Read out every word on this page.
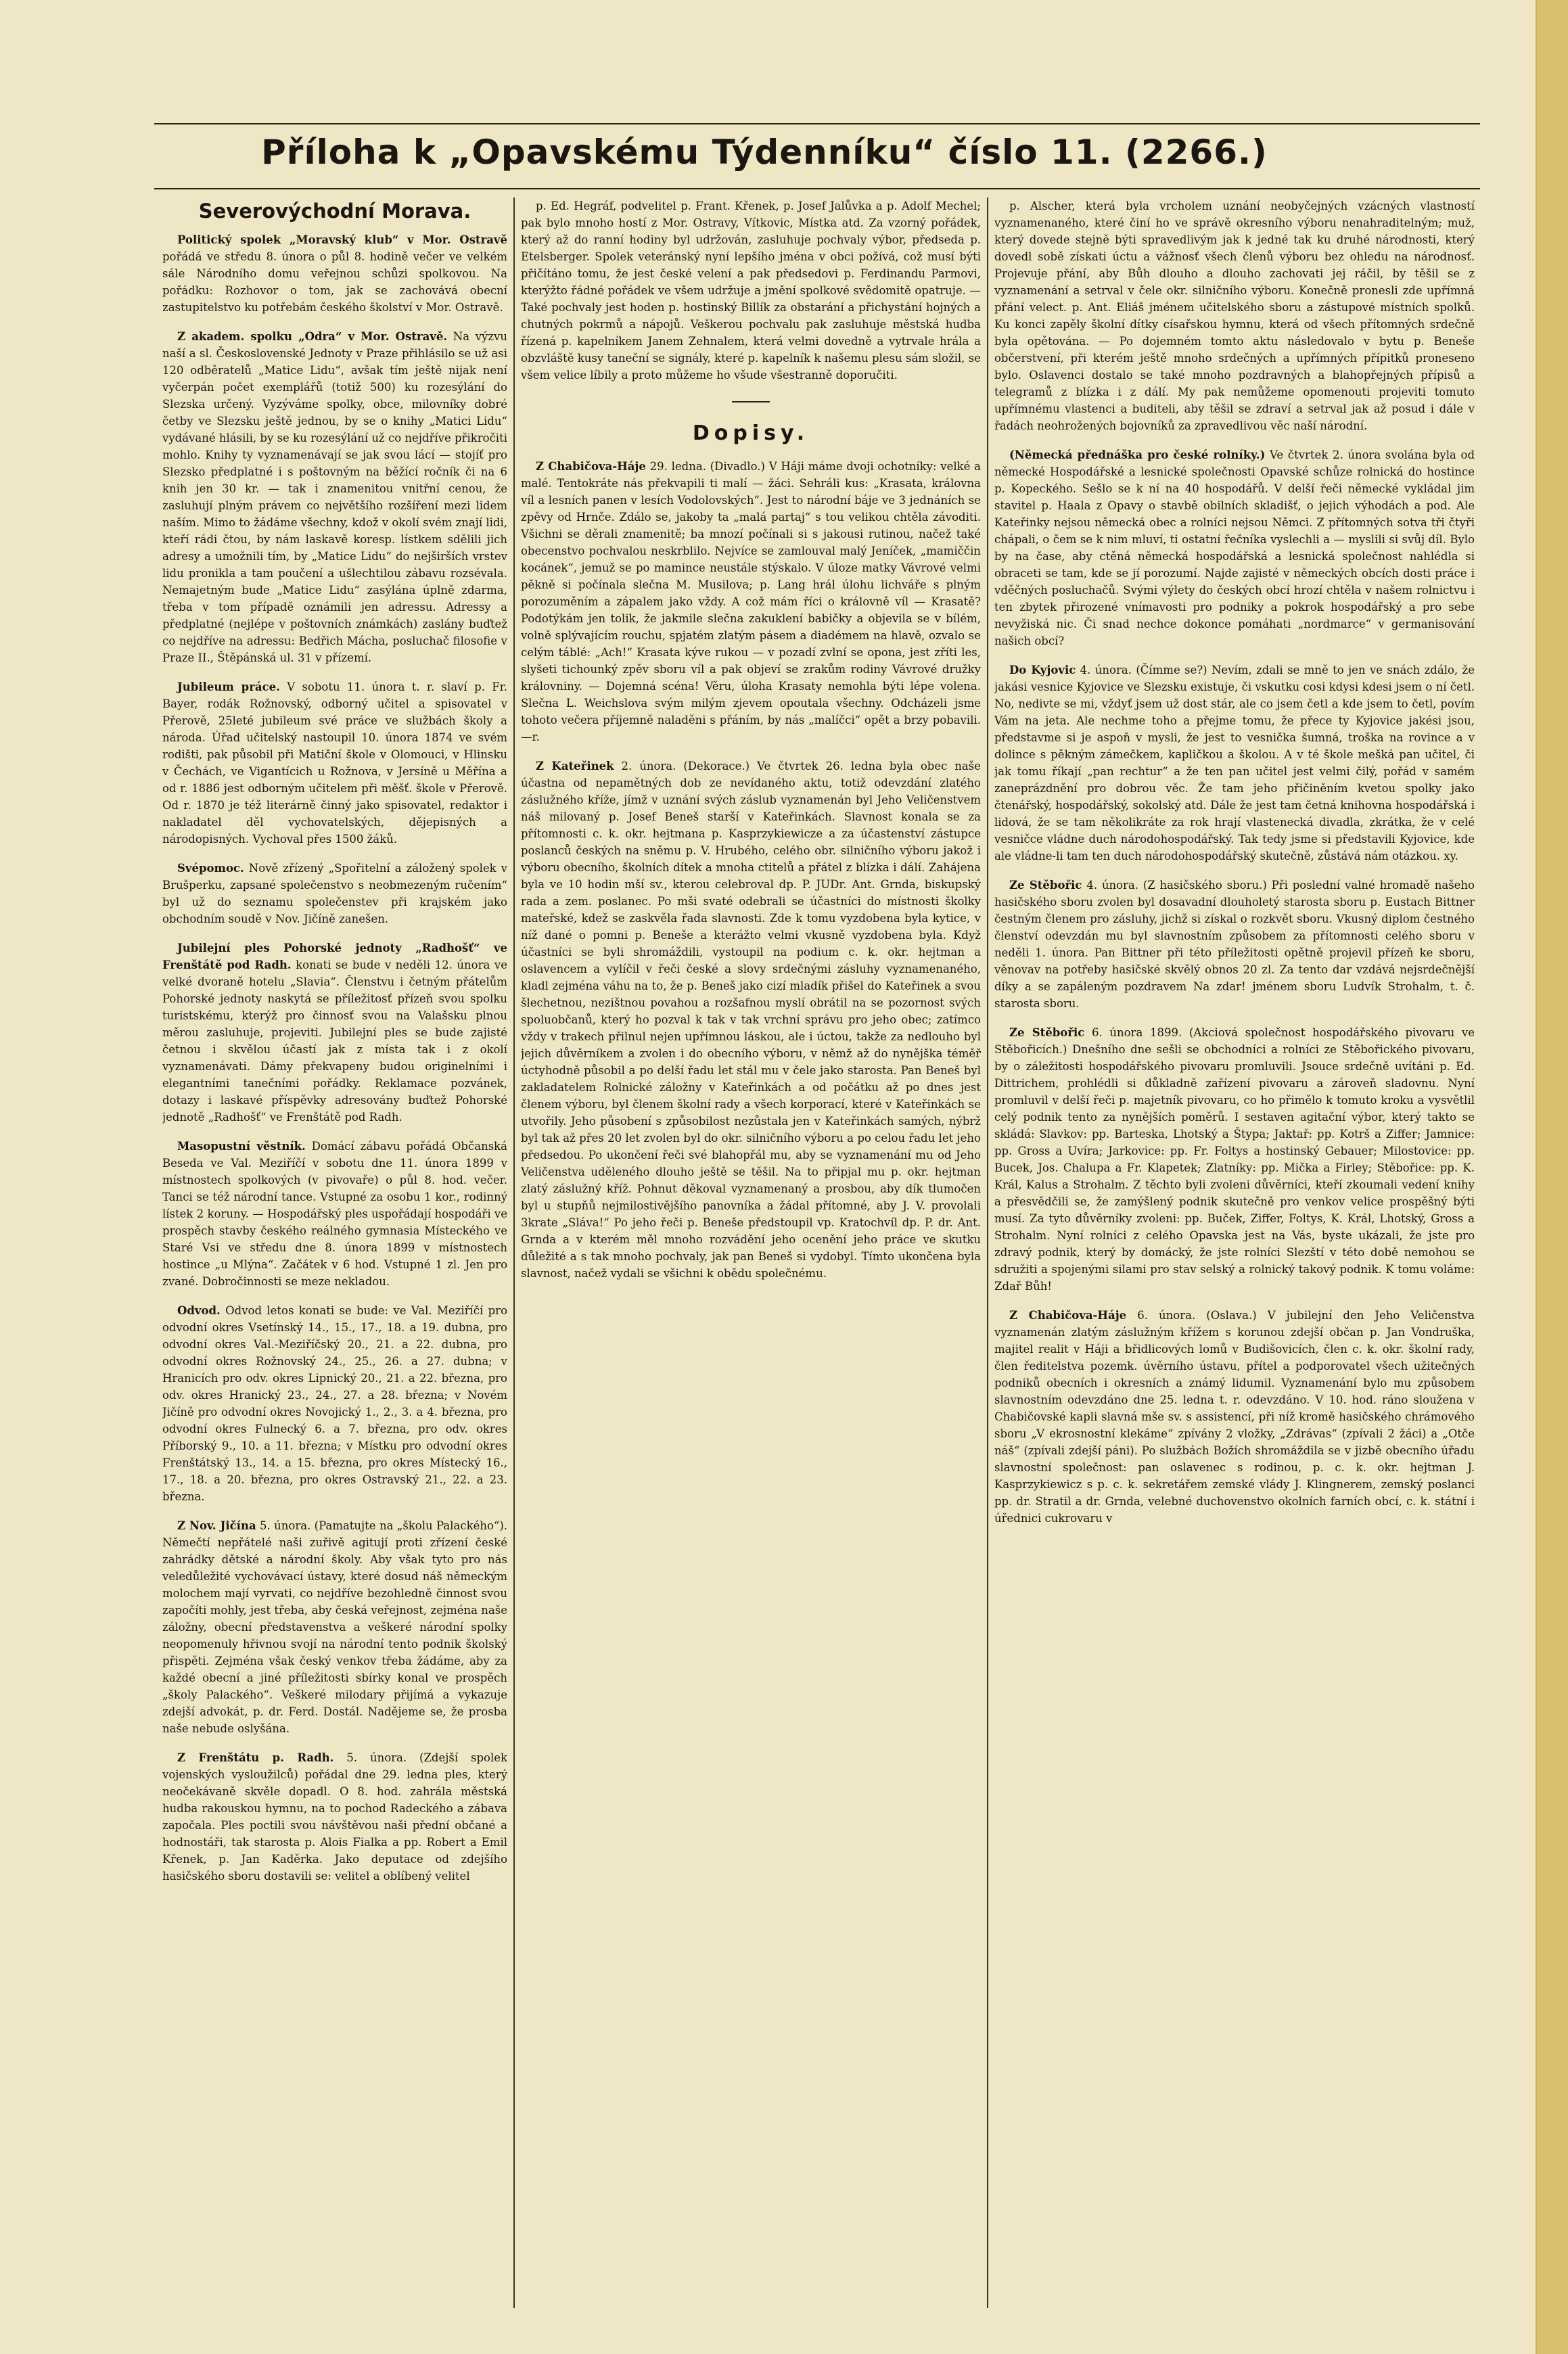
Příloha k „Opavskému Týdenníku“ číslo 11. (2266.)
Severovýchodní Morava.

Politický spolek „Moravský klub“ v Mor. Ostravě pořádá ve středu 8. února o půl 8. hodině večer ve velkém sále Národního domu veřejnou schůzi spolkovou. Na pořádku: Rozhovor o tom, jak se zachovává obecní zastupitelstvo ku potřebám českého školství v Mor. Ostravě.

Z akadem. spolku „Odra“ v Mor. Ostravě. Na výzvu naší a sl. Československé Jednoty v Praze přihlásilo se už asi 120 odběratelů „Matice Lidu“, avšak tím ještě nijak není vyčerpán počet exemplářů (totiž 500) ku rozesýlání do Slezska určený. Vyzýváme spolky, obce, milovníky dobré četby ve Slezsku ještě jednou, by se o knihy „Matici Lidu“ vydávané hlásili, by se ku rozesýlání už co nejdříve přikročiti mohlo. Knihy ty vyznamenávají se jak svou lácí — stojíť pro Slezsko předplatné i s poštovným na běžící ročník či na 6 knih jen 30 kr. — tak i znamenitou vnitřní cenou, že zasluhují plným právem co největšího rozšíření mezi lidem naším. Mimo to žádáme všechny, kdož v okolí svém znají lidi, kteří rádi čtou, by nám laskavě koresp. lístkem sdělili jich adresy a umožnili tím, by „Matice Lidu“ do nejširších vrstev lidu pronikla a tam poučení a ušlechtilou zábavu rozsévala. Nemajetným bude „Matice Lidu“ zasýlána úplně zdarma, třeba v tom případě oznámili jen adressu. Adressy a předplatné (nejlépe v poštovních známkách) zaslány buďtež co nejdříve na adressu: Bedřich Mácha, posluchač filosofie v Praze II., Štěpánská ul. 31 v přízemí.

Jubileum práce. V sobotu 11. února t. r. slaví p. Fr. Bayer, rodák Rožnovský, odborný učitel a spisovatel v Přerově, 25leté jubileum své práce ve službách školy a národa. Úřad učitelský nastoupil 10. února 1874 ve svém rodišti, pak působil při Matiční škole v Olomouci, v Hlinsku v Čechách, ve Vigantícich u Rožnova, v Jersíně u Měřína a od r. 1886 jest odborným učitelem při měšť. škole v Přerově. Od r. 1870 je též literárně činný jako spisovatel, redaktor i nakladatel děl vychovatelských, dějepisných a národopisných. Vychoval přes 1500 žáků.

Svépomoc. Nově zřízený „Spořitelní a záložený spolek v Brušperku, zapsané společenstvo s neobmezeným ručením“ byl už do seznamu společenstev při krajském jako obchodním soudě v Nov. Jičíně zanešen.

Jubilejní ples Pohorské jednoty „Radhošť“ ve Frenštátě pod Radh. konati se bude v neděli 12. února ve velké dvoraně hotelu „Slavia“. Členstvu i četným přátelům Pohorské jednoty naskytá se příležitosť přízeň svou spolku turistskému, kterýž pro činnosť svou na Valašsku plnou měrou zasluhuje, projeviti. Jubilejní ples se bude zajisté četnou i skvělou účastí jak z místa tak i z okolí vyznamenávati. Dámy překvapeny budou originelními i elegantními tanečními pořádky. Reklamace pozvánek, dotazy i laskavé příspěvky adresovány buďtež Pohorské jednotě „Radhošť“ ve Frenštátě pod Radh.

Masopustní věstník. Domácí zábavu pořádá Občanská Beseda ve Val. Meziříčí v sobotu dne 11. února 1899 v místnostech spolkových (v pivovaře) o půl 8. hod. večer. Tanci se též národní tance. Vstupné za osobu 1 kor., rodinný lístek 2 koruny. — Hospodářský ples uspořádají hospodáři ve prospěch stavby českého reálného gymnasia Místeckého ve Staré Vsi ve středu dne 8. února 1899 v místnostech hostince „u Mlýna“. Začátek v 6 hod. Vstupné 1 zl. Jen pro zvané. Dobročinnosti se meze nekladou.

Odvod. Odvod letos konati se bude: ve Val. Meziříčí pro odvodní okres Vsetínský 14., 15., 17., 18. a 19. dubna, pro odvodní okres Val.-Meziříčský 20., 21. a 22. dubna, pro odvodní okres Rožnovský 24., 25., 26. a 27. dubna; v Hranicích pro odv. okres Lipnický 20., 21. a 22. března, pro odv. okres Hranický 23., 24., 27. a 28. března; v Novém Jičíně pro odvodní okres Novojický 1., 2., 3. a 4. března, pro odvodní okres Fulnecký 6. a 7. března, pro odv. okres Příborský 9., 10. a 11. března; v Místku pro odvodní okres Frenštátský 13., 14. a 15. března, pro okres Místecký 16., 17., 18. a 20. března, pro okres Ostravský 21., 22. a 23. března.

Z Nov. Jičína 5. února. (Pamatujte na „školu Palackého“). Němečtí nepřátelé naši zuřivě agitují proti zřízení české zahrádky dětské a národní školy. Aby však tyto pro nás veledůležité vychovávací ústavy, které dosud náš německým molochem mají vyrvati, co nejdříve bezohledně činnost svou započíti mohly, jest třeba, aby česká veřejnost, zejména naše záložny, obecní představenstva a veškeré národní spolky neopomenuly hřivnou svojí na národní tento podnik školský přispěti. Zejména však český venkov třeba žádáme, aby za každé obecní a jiné příležitosti sbírky konal ve prospěch „školy Palackého“. Veškeré milodary přijímá a vykazuje zdejší advokát, p. dr. Ferd. Dostál. Nadějeme se, že prosba naše nebude oslyšána.

Z Frenštátu p. Radh. 5. února. (Zdejší spolek vojenských vysloužilců) pořádal dne 29. ledna ples, který neočekávaně skvěle dopadl. O 8. hod. zahrála městská hudba rakouskou hymnu, na to pochod Radeckého a zábava započala. Ples poctili svou návštěvou naši přední občané a hodnostáři, tak starosta p. Alois Fialka a pp. Robert a Emil Křenek, p. Jan Kaděrka. Jako deputace od zdejšího hasičského sboru dostavili se: velitel a oblíbený velitel

p. Ed. Hegráf, podvelitel p. Frant. Křenek, p. Josef Jalůvka a p. Adolf Mechel; pak bylo mnoho hostí z Mor. Ostravy, Vítkovic, Místka atd. Za vzorný pořádek, který až do ranní hodiny byl udržován, zasluhuje pochvaly výbor, předseda p. Etelsberger. Spolek veteránský nyní lepšího jména v obci požívá, což musí býti přičítáno tomu, že jest české velení a pak předsedovi p. Ferdinandu Parmovi, kterýžto řádné pořádek ve všem udržuje a jmění spolkové svědomitě opatruje. — Také pochvaly jest hoden p. hostinský Billík za obstarání a přichystání hojných a chutných pokrmů a nápojů. Veškerou pochvalu pak zasluhuje městská hudba řízená p. kapelníkem Janem Zehnalem, která velmi dovedně a vytrvale hrála a obzvláště kusy taneční se signály, které p. kapelník k našemu plesu sám složil, se všem velice líbily a proto můžeme ho všude všestranně doporučiti.

Dopisy.

Z Chabičova-Háje 29. ledna. (Divadlo.) V Háji máme dvoji ochotníky: velké a malé. Tentokráte nás překvapili ti malí — žáci. Sehráli kus: „Krasata, královna víl a lesních panen v lesích Vodolovských“. Jest to národní báje ve 3 jednáních se zpěvy od Hrnče. Zdálo se, jakoby ta „malá partaj“ s tou velikou chtěla závoditi. Všichni se děrali znamenitě; ba mnozí počínali si s jakousi rutinou, načež také obecenstvo pochvalou neskrblilo. Nejvíce se zamlouval malý Jeníček, „mamiččin kocánek“, jemuž se po mamince neustále stýskalo. V úloze matky Vávrové velmi pěkně si počínala slečna M. Musilova; p. Lang hrál úlohu lichváře s plným porozuměním a zápalem jako vždy. A což mám říci o královně víl — Krasatě? Podotýkám jen tolik, že jakmile slečna zakuklení babičky a objevila se v bílém, volně splývajícím rouchu, spjatém zlatým pásem a diadémem na hlavě, ozvalo se celým táblé: „Ach!“ Krasata kýve rukou — v pozadí zvlní se opona, jest zříti les, slyšeti tichounký zpěv sboru víl a pak objeví se zrakům rodiny Vávrové družky královniny. — Dojemná scéna! Věru, úloha Krasaty nemohla býti lépe volena. Slečna L. Weichslova svým milým zjevem opoutala všechny. Odcházeli jsme tohoto večera příjemně naladěni s přáním, by nás „malíčci“ opět a brzy pobavili. —r.

Z Kateřinek 2. února. (Dekorace.) Ve čtvrtek 26. ledna byla obec naše účastna od nepamětných dob ze nevídaného aktu, totiž odevzdání zlatého záslužného kříže, jímž v uznání svých záslub vyznamenán byl Jeho Veličenstvem náš milovaný p. Josef Beneš starší v Kateřinkách. Slavnost konala se za přítomnosti c. k. okr. hejtmana p. Kasprzykiewicze a za účastenství zástupce poslanců českých na sněmu p. V. Hrubého, celého obr. silničního výboru jakož i výboru obecního, školních dítek a mnoha ctitelů a přátel z blízka i dálí. Zahájena byla ve 10 hodin mší sv., kterou celebroval dp. P. JUDr. Ant. Grnda, biskupský rada a zem. poslanec. Po mši svaté odebrali se účastníci do místnosti školky mateřské, kdež se zaskvěla řada slavnosti. Zde k tomu vyzdobena byla kytice, v níž dané o pomni p. Beneše a kterážto velmi vkusně vyzdobena byla. Když účastníci se byli shromáždili, vystoupil na podium c. k. okr. hejtman a oslavencem a vylíčil v řeči české a slovy srdečnými zásluhy vyznamenaného, kladl zejména váhu na to, že p. Beneš jako cizí mladík přišel do Kateřinek a svou šlechetnou, nezištnou povahou a rozšafnou myslí obrátil na se pozornost svých spoluobčanů, který ho pozval k tak v tak vrchní správu pro jeho obec; zatímco vždy v trakech přilnul nejen upřímnou láskou, ale i úctou, takže za nedlouho byl jejich důvěrníkem a zvolen i do obecního výboru, v němž až do nynějška téměř úctyhodně působil a po delší řadu let stál mu v čele jako starosta. Pan Beneš byl zakladatelem Rolnické záložny v Kateřinkách a od počátku až po dnes jest členem výboru, byl členem školní rady a všech korporací, které v Kateřinkách se utvořily. Jeho působení s způsobilost nezůstala jen v Kateřinkách samých, nýbrž byl tak až přes 20 let zvolen byl do okr. silničního výboru a po celou řadu let jeho předsedou. Po ukončení řeči své blahopřál mu, aby se vyznamenání mu od Jeho Veličenstva uděleného dlouho ještě se těšil. Na to připjal mu p. okr. hejtman zlatý záslužný kříž. Pohnut děkoval vyznamenaný a prosbou, aby dík tlumočen byl u stupňů nejmilostivějšího panovníka a žádal přítomné, aby J. V. provolali 3krate „Sláva!“ Po jeho řeči p. Beneše předstoupil vp. Kratochvíl dp. P. dr. Ant. Grnda a v kterém měl mnoho rozvádění jeho ocenění jeho práce ve skutku důležité a s tak mnoho pochvaly, jak pan Beneš si vydobyl. Tímto ukončena byla slavnost, načež vydali se všichni k obědu společnému.

p. Alscher, která byla vrcholem uznání neobyčejných vzácných vlastností vyznamenaného, které činí ho ve správě okresního výboru nenahraditelným; muž, který dovede stejně býti spravedlivým jak k jedné tak ku druhé národnosti, který dovedl sobě získati úctu a vážnosť všech členů výboru bez ohledu na národnosť. Projevuje přání, aby Bůh dlouho a dlouho zachovati jej ráčil, by těšil se z vyznamenání a setrval v čele okr. silničního výboru. Konečně pronesli zde upřímná přání velect. p. Ant. Eliáš jménem učitelského sboru a zástupové místních spolků. Ku konci zapěly školní dítky císařskou hymnu, která od všech přítomných srdečně byla opětována. — Po dojemném tomto aktu následovalo v bytu p. Beneše občerstvení, při kterém ještě mnoho srdečných a upřímných přípitků proneseno bylo. Oslavenci dostalo se také mnoho pozdravných a blahopřejných přípisů a telegramů z blízka i z dálí. My pak nemůžeme opomenouti projeviti tomuto upřímnému vlastenci a buditeli, aby těšil se zdraví a setrval jak až posud i dále v řadách neohrožených bojovníků za zpravedlivou věc naší národní.

(Německá přednáška pro české rolníky.) Ve čtvrtek 2. února svolána byla od německé Hospodářské a lesnické společnosti Opavské schůze rolnická do hostince p. Kopeckého. Sešlo se k ní na 40 hospodářů. V delší řeči německé vykládal jim stavitel p. Haala z Opavy o stavbě obilních skladišť, o jejich výhodách a pod. Ale Kateřinky nejsou německá obec a rolníci nejsou Němci. Z přítomných sotva tři čtyři chápali, o čem se k nim mluví, ti ostatní řečníka vyslechli a — myslili si svůj díl. Bylo by na čase, aby ctěná německá hospodářská a lesnická společnost nahlédla si obraceti se tam, kde se jí porozumí. Najde zajisté v německých obcích dosti práce i vděčných posluchačů. Svými výlety do českých obcí hrozí chtěla v našem rolnictvu i ten zbytek přirozené vnímavosti pro podniky a pokrok hospodářský a pro sebe nevyžiská nic. Či snad nechce dokonce pomáhati „nordmarce“ v germanisování našich obcí?

Do Kyjovic 4. února. (Čímme se?) Nevím, zdali se mně to jen ve snách zdálo, že jakási vesnice Kyjovice ve Slezsku existuje, či vskutku cosi kdysi kdesi jsem o ní četl. No, nedivte se mi, vždyť jsem už dost stár, ale co jsem četl a kde jsem to četl, povím Vám na jeta. Ale nechme toho a přejme tomu, že přece ty Kyjovice jakési jsou, představme si je aspoň v mysli, že jest to vesnička šumná, troška na rovince a v dolince s pěkným zámečkem, kapličkou a školou. A v té škole mešká pan učitel, či jak tomu říkají „pan rechtur“ a že ten pan učitel jest velmi čilý, pořád v samém zaneprázdnění pro dobrou věc. Že tam jeho přičiněním kvetou spolky jako čtenářský, hospodářský, sokolský atd. Dále že jest tam četná knihovna hospodářská i lidová, že se tam několikráte za rok hrají vlastenecká divadla, zkrátka, že v celé vesničce vládne duch národohospodářský. Tak tedy jsme si představili Kyjovice, kde ale vládne-li tam ten duch národohospodářský skutečně, zůstává nám otázkou. xy.

Ze Stěbořic 4. února. (Z hasičského sboru.) Při poslední valné hromadě našeho hasičského sboru zvolen byl dosavadní dlouholetý starosta sboru p. Eustach Bittner čestným členem pro zásluhy, jichž si získal o rozkvět sboru. Vkusný diplom čestného členství odevzdán mu byl slavnostním způsobem za přítomnosti celého sboru v neděli 1. února. Pan Bittner při této příležitosti opětně projevil přízeň ke sboru, věnovav na potřeby hasičské skvělý obnos 20 zl. Za tento dar vzdává nejsrdečnější díky a se zapáleným pozdravem Na zdar! jménem sboru Ludvík Strohalm, t. č. starosta sboru.

Ze Stěbořic 6. února 1899. (Akciová společnost hospodářského pivovaru ve Stěbořicích.) Dnešního dne sešli se obchodníci a rolníci ze Stěbořického pivovaru, by o záležitosti hospodářského pivovaru promluvili. Jsouce srdečně uvítáni p. Ed. Dittrichem, prohlédli si důkladně zařízení pivovaru a zároveň sladovnu. Nyní promluvil v delší řeči p. majetník pivovaru, co ho přimělo k tomuto kroku a vysvětlil celý podnik tento za nynějších poměrů. I sestaven agitační výbor, který takto se skládá: Slavkov: pp. Barteska, Lhotský a Štypa; Jaktař: pp. Kotrš a Ziffer; Jamnice: pp. Gross a Uvíra; Jarkovice: pp. Fr. Foltys a hostinský Gebauer; Milostovice: pp. Bucek, Jos. Chalupa a Fr. Klapetek; Zlatníky: pp. Mička a Firley; Stěbořice: pp. K. Král, Kalus a Strohalm. Z těchto byli zvoleni důvěrníci, kteří zkoumali vedení knihy a přesvědčili se, že zamýšlený podnik skutečně pro venkov velice prospěšný býti musí. Za tyto důvěrníky zvoleni: pp. Buček, Ziffer, Foltys, K. Král, Lhotský, Gross a Strohalm. Nyní rolníci z celého Opavska jest na Vás, byste ukázali, že jste pro zdravý podnik, který by domácký, že jste rolníci Slezští v této době nemohou se sdružiti a spojenými silami pro stav selský a rolnický takový podnik. K tomu voláme: Zdař Bůh!

Z Chabičova-Háje 6. února. (Oslava.) V jubilejní den Jeho Veličenstva vyznamenán zlatým záslužným křížem s korunou zdejší občan p. Jan Vondruška, majitel realit v Háji a břidlicových lomů v Budišovicích, člen c. k. okr. školní rady, člen ředitelstva pozemk. úvěrního ústavu, přítel a podporovatel všech užitečných podniků obecních i okresních a známý lidumil. Vyznamenání bylo mu způsobem slavnostním odevzdáno dne 25. ledna t. r. odevzdáno. V 10. hod. ráno sloužena v Chabičovské kapli slavná mše sv. s assistencí, při níž kromě hasičského chrámového sboru „V ekrosnostní klekáme“ zpívány 2 vložky, „Zdrávas“ (zpívali 2 žáci) a „Otče náš“ (zpívali zdejší páni). Po službách Božích shromáždila se v jizbě obecního úřadu slavnostní společnost: pan oslavenec s rodinou, p. c. k. okr. hejtman J. Kasprzykiewicz s p. c. k. sekretářem zemské vlády J. Klingnerem, zemský poslanci pp. dr. Stratil a dr. Grnda, velebné duchovenstvo okolních farních obcí, c. k. státní i úřednici cukrovaru v
